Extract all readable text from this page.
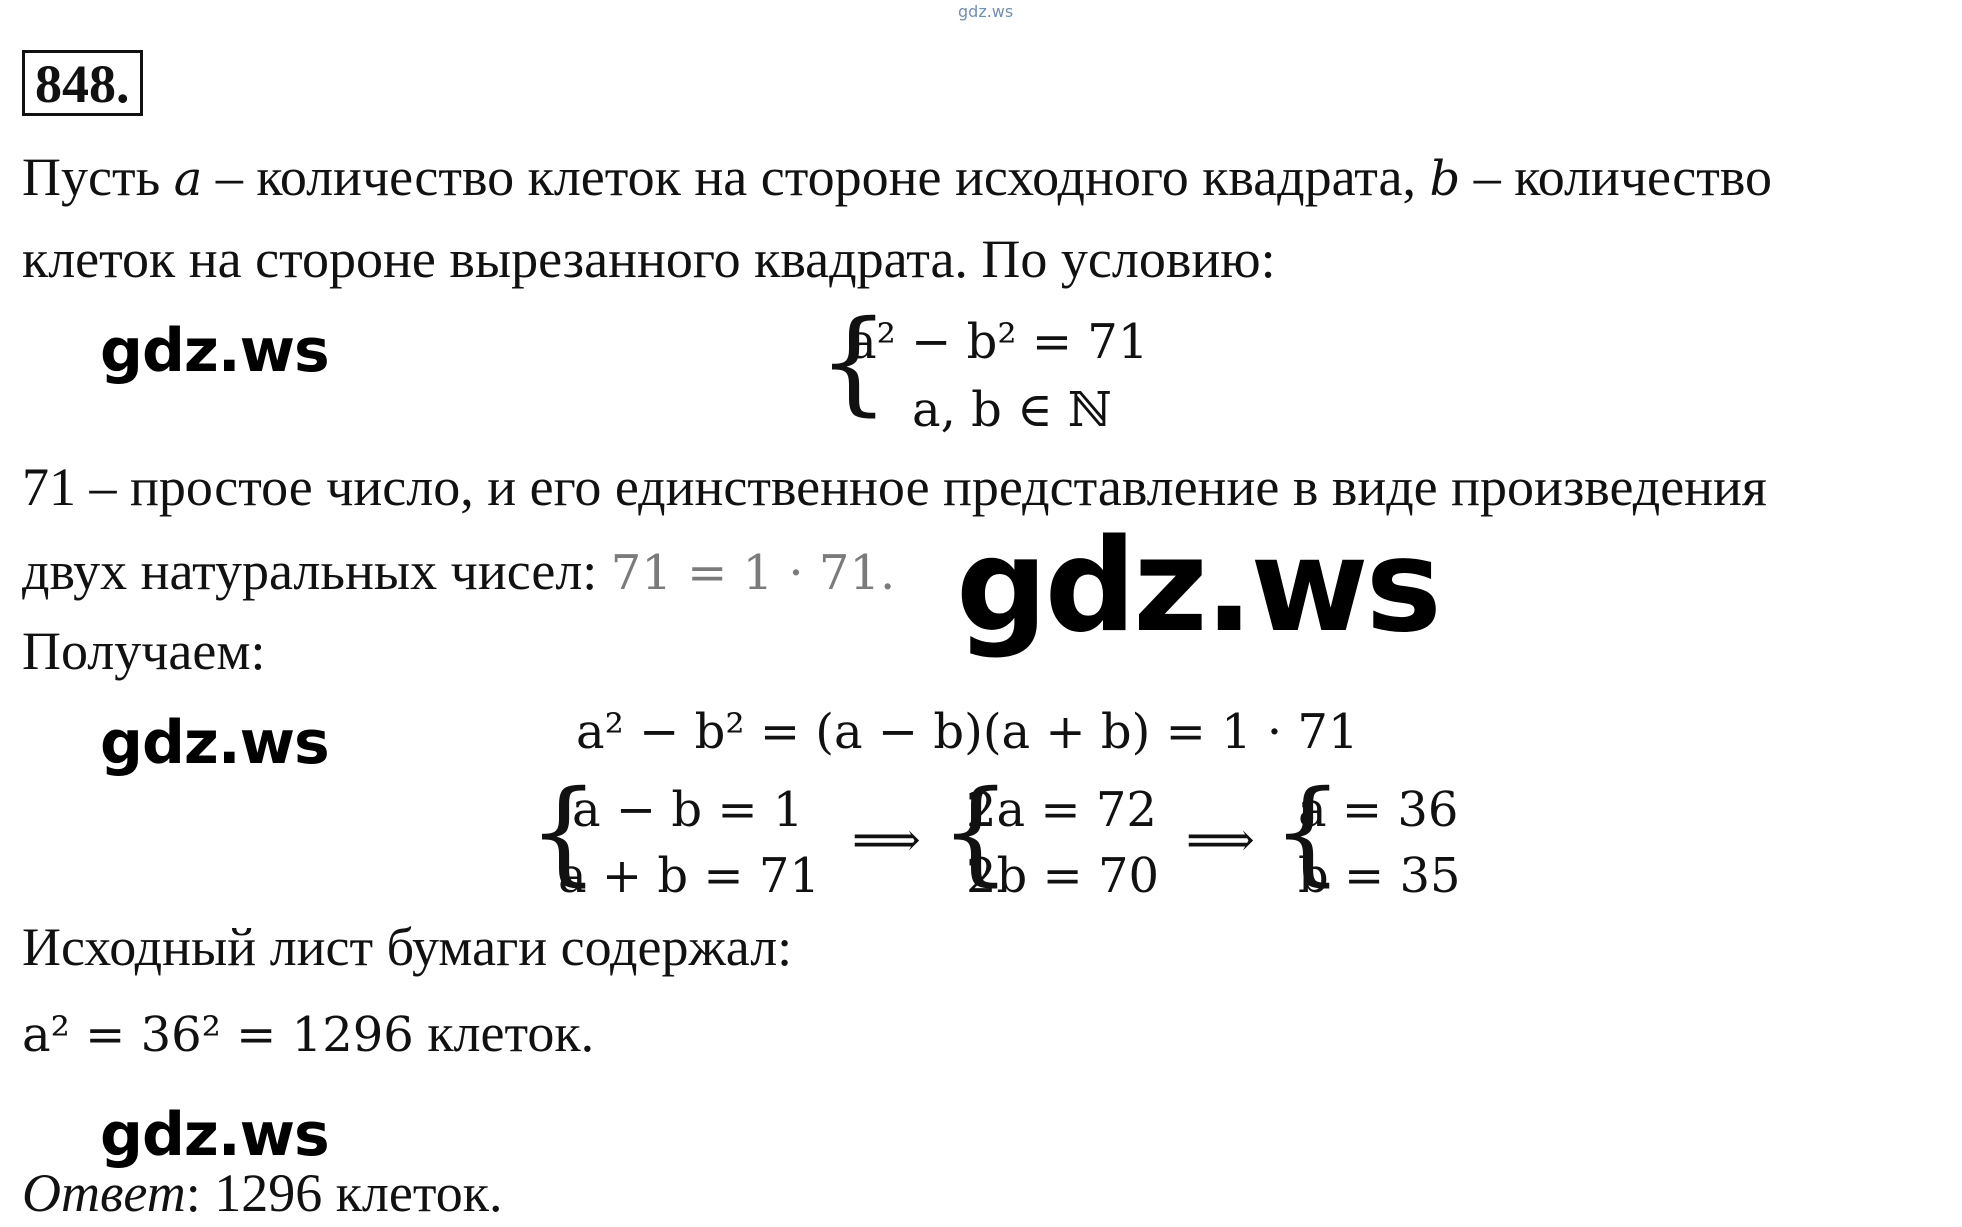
gdz.ws
848.
Пусть a – количество клеток на стороне исходного квадрата, b – количество
клеток на стороне вырезанного квадрата. По условию:
gdz.ws	{
a² − b² = 71
a, b ∈ ℕ
71 – простое число, и его единственное представление в виде произведения
двух натуральных чисел: 71 = 1 · 71. gdz.ws
Получаем:
gdz.ws	a² − b² = (a − b)(a + b) = 1 · 71
{
a − b = 1
a + b = 71
⟹ {
2a = 72
2b = 70
⟹ {
a = 36
b = 35
Исходный лист бумаги содержал:
a² = 36² = 1296 клеток.
gdz.ws
Ответ: 1296 клеток.
